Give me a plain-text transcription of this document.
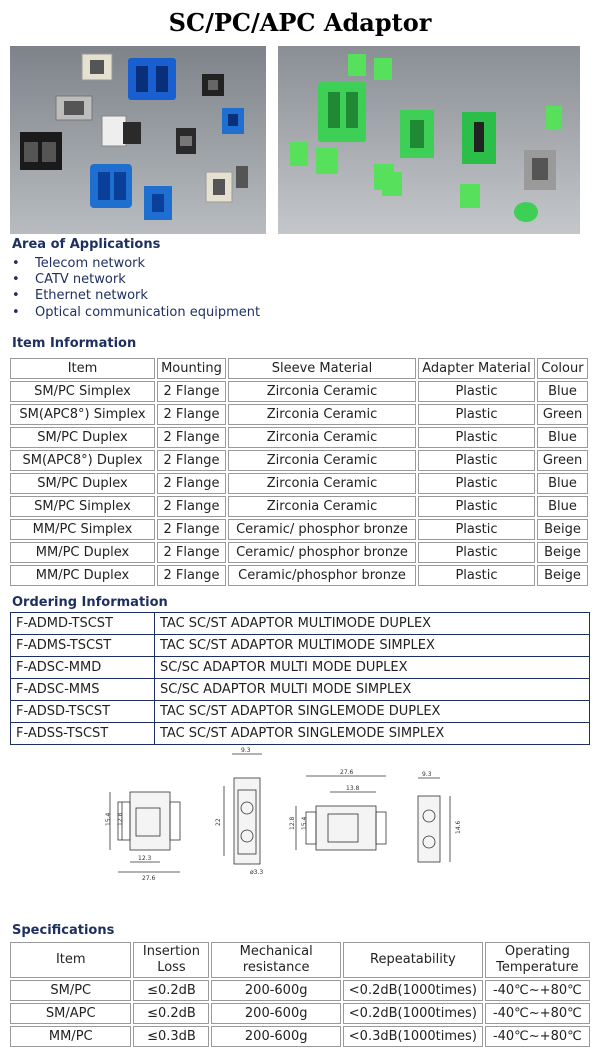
SC/PC/APC Adaptor
Area of Applications
• Telecom network
• CATV network
• Ethernet network
• Optical communication equipment
Item Information
Item	Mounting	Sleeve Material	Adapter Material	Colour
SM/PC Simplex	2 Flange	Zirconia Ceramic	Plastic	Blue
SM(APC8°) Simplex	2 Flange	Zirconia Ceramic	Plastic	Green
SM/PC Duplex	2 Flange	Zirconia Ceramic	Plastic	Blue
SM(APC8°) Duplex	2 Flange	Zirconia Ceramic	Plastic	Green
SM/PC Duplex	2 Flange	Zirconia Ceramic	Plastic	Blue
SM/PC Simplex	2 Flange	Zirconia Ceramic	Plastic	Blue
MM/PC Simplex	2 Flange	Ceramic/ phosphor bronze	Plastic	Beige
MM/PC Duplex	2 Flange	Ceramic/ phosphor bronze	Plastic	Beige
MM/PC Duplex	2 Flange	Ceramic/phosphor bronze	Plastic	Beige
Ordering Information
F-ADMD-TSCST	TAC SC/ST ADAPTOR MULTIMODE DUPLEX
F-ADMS-TSCST	TAC SC/ST ADAPTOR MULTIMODE SIMPLEX
F-ADSC-MMD	SC/SC ADAPTOR MULTI MODE DUPLEX
F-ADSC-MMS	SC/SC ADAPTOR MULTI MODE SIMPLEX
F-ADSD-TSCST	TAC SC/ST ADAPTOR SINGLEMODE DUPLEX
F-ADSS-TSCST	TAC SC/ST ADAPTOR SINGLEMODE SIMPLEX
15.4 12.8
12.3
27.6
9.3
22
ø3.3
27.6
13.8
12.8 15.4
9.3
14.6
Specifications
Item	Insertion Loss	Mechanical resistance	Repeatability	Operating Temperature
SM/PC	≤0.2dB	200-600g	<0.2dB(1000times)	-40℃~+80℃
SM/APC	≤0.2dB	200-600g	<0.2dB(1000times)	-40℃~+80℃
MM/PC	≤0.3dB	200-600g	<0.3dB(1000times)	-40℃~+80℃
